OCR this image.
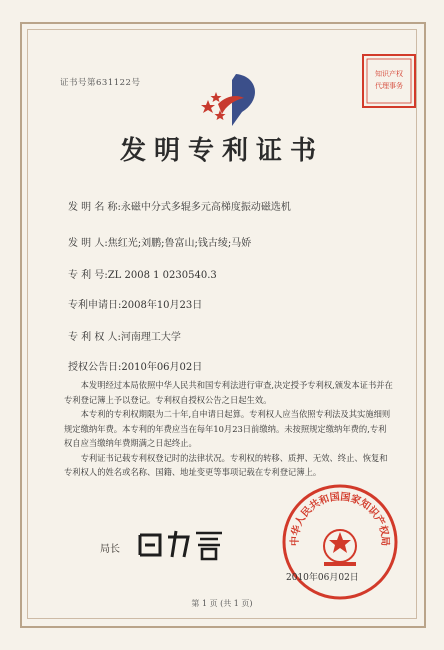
证书号第631122号
知识产权
代理事务
发明专利证书
发 明 名 称:永磁中分式多辊多元高梯度振动磁选机
发 明 人:焦红光;刘鹏;鲁富山;钱古绫;马娇
专 利 号:ZL 2008 1 0230540.3
专利申请日:2008年10月23日
专 利 权 人:河南理工大学
授权公告日:2010年06月02日

本发明经过本局依照中华人民共和国专利法进行审查,决定授予专利权,颁发本证书并在专利登记簿上予以登记。专利权自授权公告之日起生效。

本专利的专利权期限为二十年,自申请日起算。专利权人应当依照专利法及其实施细则规定缴纳年费。本专利的年费应当在每年10月23日前缴纳。未按照规定缴纳年费的,专利权自应当缴纳年费期满之日起终止。

专利证书记载专利权登记时的法律状况。专利权的转移、质押、无效、终止、恢复和专利权人的姓名或名称、国籍、地址变更等事项记载在专利登记簿上。

局长
中华人民共和国国家知识产权局
2010年06月02日
第 1 页 (共 1 页)
